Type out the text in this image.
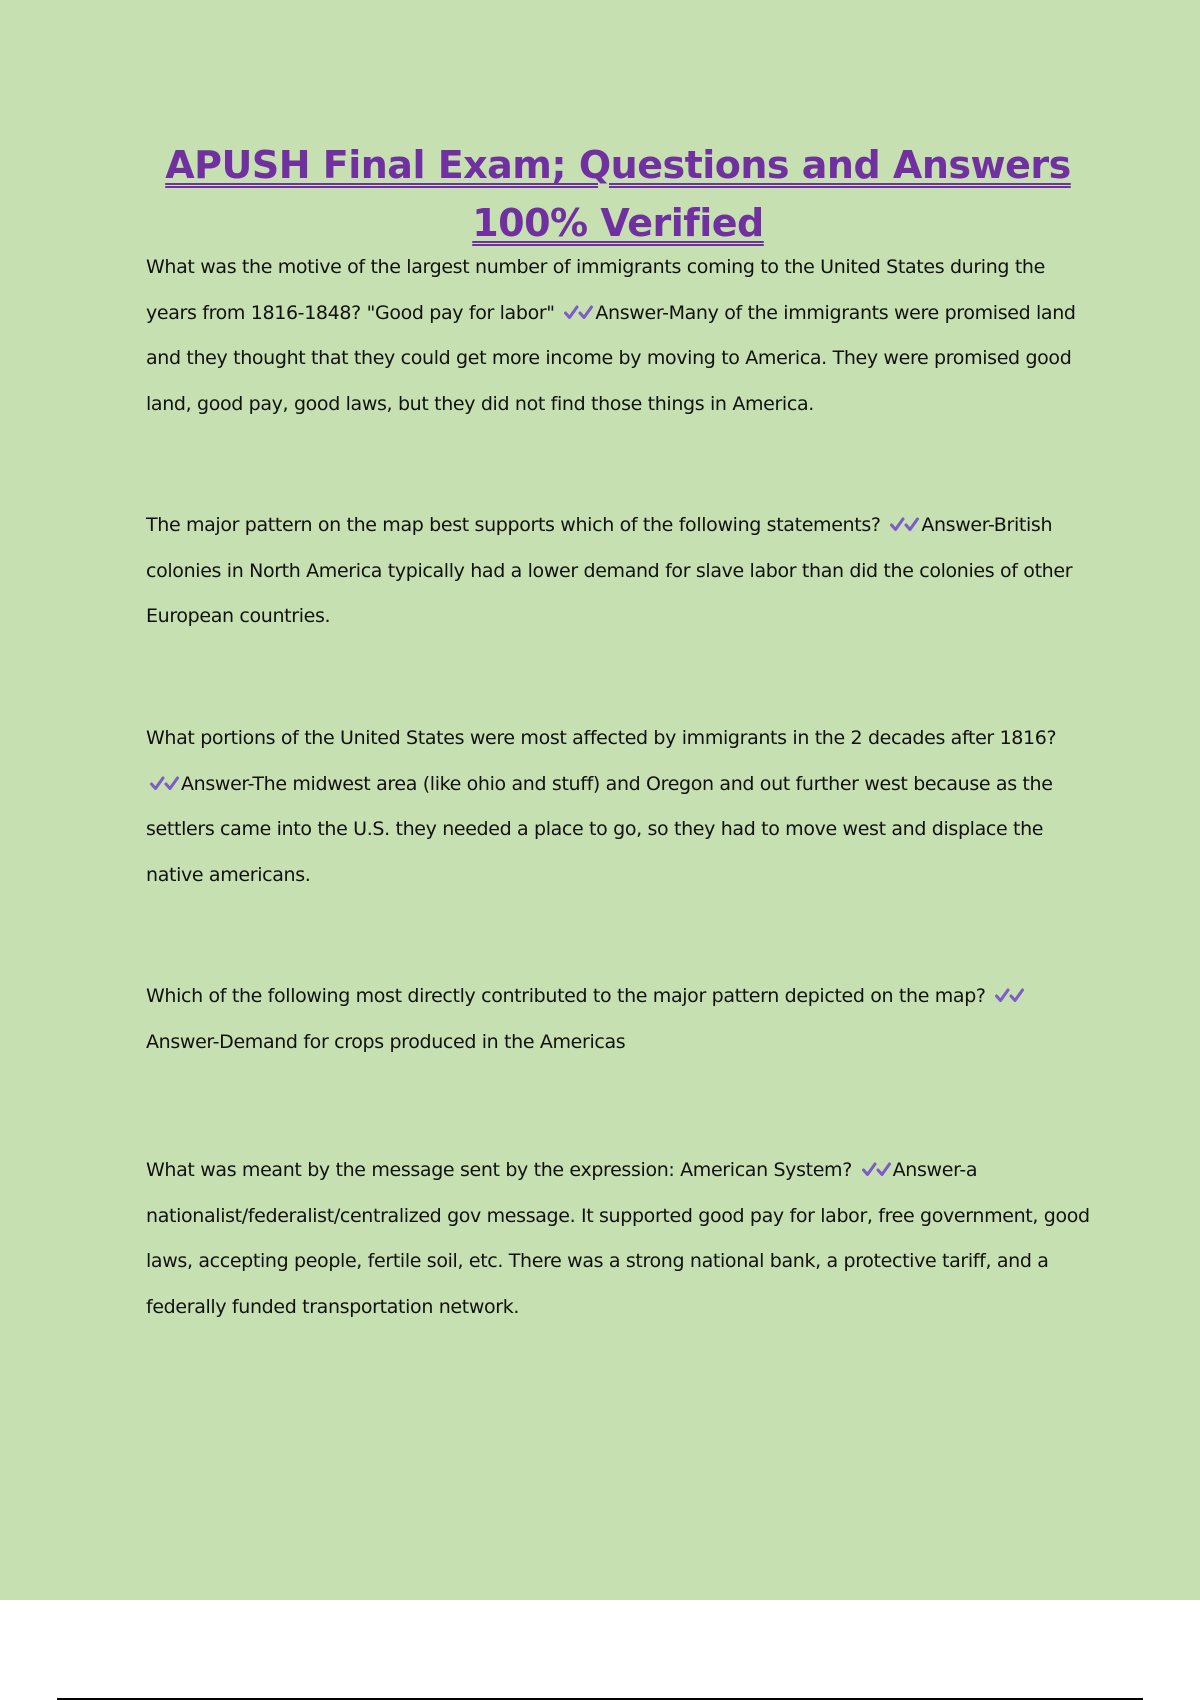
APUSH Final Exam; Questions and Answers
100% Verified

What was the motive of the largest number of immigrants coming to the United States during the years from 1816-1848? "Good pay for labor" Answer-Many of the immigrants were promised land and they thought that they could get more income by moving to America. They were promised good land, good pay, good laws, but they did not find those things in America.

The major pattern on the map best supports which of the following statements? Answer-British colonies in North America typically had a lower demand for slave labor than did the colonies of other European countries.

What portions of the United States were most affected by immigrants in the 2 decades after 1816?
Answer-The midwest area (like ohio and stuff) and Oregon and out further west because as the settlers came into the U.S. they needed a place to go, so they had to move west and displace the native americans.

Which of the following most directly contributed to the major pattern depicted on the map?
Answer-Demand for crops produced in the Americas

What was meant by the message sent by the expression: American System? Answer-a nationalist/federalist/centralized gov message. It supported good pay for labor, free government, good laws, accepting people, fertile soil, etc. There was a strong national bank, a protective tariff, and a federally funded transportation network.
